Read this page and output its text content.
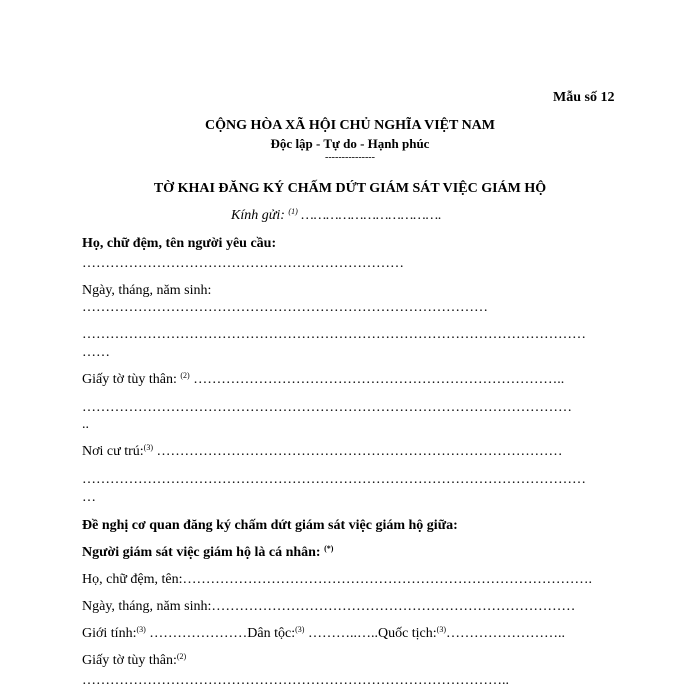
Mẫu số 12
CỘNG HÒA XÃ HỘI CHỦ NGHĨA VIỆT NAM
Độc lập - Tự do - Hạnh phúc
---------------
TỜ KHAI ĐĂNG KÝ CHẤM DỨT GIÁM SÁT VIỆC GIÁM HỘ
Kính gửi: $^{(1)}$ …………………………….
Họ, chữ đệm, tên người yêu cầu:
……………………………………………………………
Ngày, tháng, năm sinh:
……………………………………………………………………………
………………………………………………………………………………………………
……
Giấy tờ tùy thân: $^{(2)}$ ……………………………………………………………………..
……………………………………………………………………………………………
..
Nơi cư trú:$^{(3)}$ ……………………………………………………………………………
………………………………………………………………………………………………
…
Đề nghị cơ quan đăng ký chấm dứt giám sát việc giám hộ giữa:
Người giám sát việc giám hộ là cá nhân: (*)
Họ, chữ đệm, tên:…………………………………………………………………………….
Ngày, tháng, năm sinh:……………………………………………………………………
Giới tính:$^{(3)}$ …………………Dân tộc:$^{(3)}$ ………..…..Quốc tịch:$^{(3)}$……………………..
Giấy tờ tùy thân:$^{(2)}$
………………………………………………………………………………..
